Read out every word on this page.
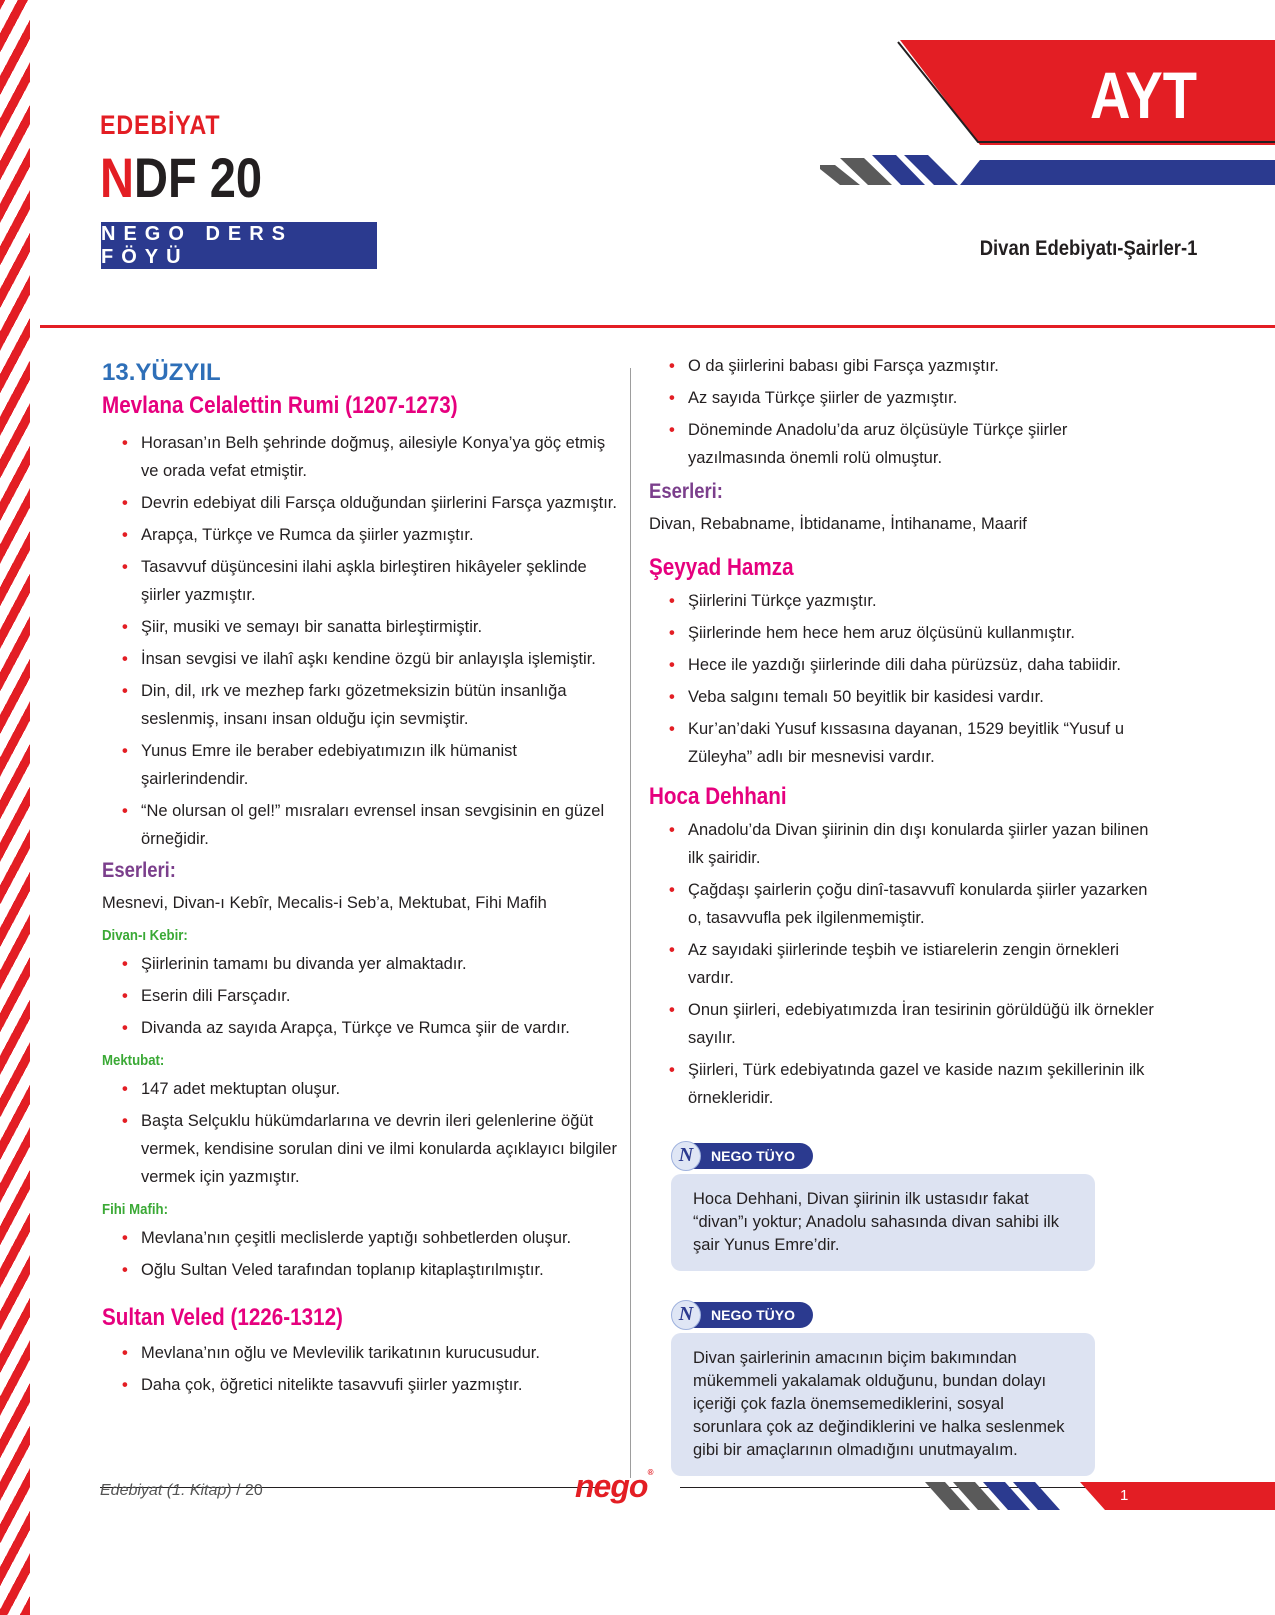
EDEBİYAT
NDF 20
NEGO DERS FÖYÜ
AYT
Divan Edebiyatı-Şairler-1
13.YÜZYIL
Mevlana Celalettin Rumi (1207-1273)
• Horasan’ın Belh şehrinde doğmuş, ailesiyle Konya’ya göç etmiş ve orada vefat etmiştir.
• Devrin edebiyat dili Farsça olduğundan şiirlerini Farsça yazmıştır.
• Arapça, Türkçe ve Rumca da şiirler yazmıştır.
• Tasavvuf düşüncesini ilahi aşkla birleştiren hikâyeler şeklinde şiirler yazmıştır.
• Şiir, musiki ve semayı bir sanatta birleştirmiştir.
• İnsan sevgisi ve ilahî aşkı kendine özgü bir anlayışla işlemiştir.
• Din, dil, ırk ve mezhep farkı gözetmeksizin bütün insanlığa seslenmiş, insanı insan olduğu için sevmiştir.
• Yunus Emre ile beraber edebiyatımızın ilk hümanist şairlerindendir.
• “Ne olursan ol gel!” mısraları evrensel insan sevgisinin en güzel örneğidir.
Eserleri:
Mesnevi, Divan-ı Kebîr, Mecalis-i Seb’a, Mektubat, Fihi Mafih
Divan-ı Kebir:
• Şiirlerinin tamamı bu divanda yer almaktadır.
• Eserin dili Farsçadır.
• Divanda az sayıda Arapça, Türkçe ve Rumca şiir de vardır.
Mektubat:
• 147 adet mektuptan oluşur.
• Başta Selçuklu hükümdarlarına ve devrin ileri gelenlerine öğüt vermek, kendisine sorulan dini ve ilmi konularda açıklayıcı bilgiler vermek için yazmıştır.
Fihi Mafih:
• Mevlana’nın çeşitli meclislerde yaptığı sohbetlerden oluşur.
• Oğlu Sultan Veled tarafından toplanıp kitaplaştırılmıştır.
Sultan Veled (1226-1312)
• Mevlana’nın oğlu ve Mevlevilik tarikatının kurucusudur.
• Daha çok, öğretici nitelikte tasavvufi şiirler yazmıştır.
• O da şiirlerini babası gibi Farsça yazmıştır.
• Az sayıda Türkçe şiirler de yazmıştır.
• Döneminde Anadolu’da aruz ölçüsüyle Türkçe şiirler yazılmasında önemli rolü olmuştur.
Eserleri:
Divan, Rebabname, İbtidaname, İntihaname, Maarif
Şeyyad Hamza
• Şiirlerini Türkçe yazmıştır.
• Şiirlerinde hem hece hem aruz ölçüsünü kullanmıştır.
• Hece ile yazdığı şiirlerinde dili daha pürüzsüz, daha tabiidir.
• Veba salgını temalı 50 beyitlik bir kasidesi vardır.
• Kur’an’daki Yusuf kıssasına dayanan, 1529 beyitlik “Yusuf u Züleyha” adlı bir mesnevisi vardır.
Hoca Dehhani
• Anadolu’da Divan şiirinin din dışı konularda şiirler yazan bilinen ilk şairidir.
• Çağdaşı şairlerin çoğu dinî-tasavvufî konularda şiirler yazarken o, tasavvufla pek ilgilenmemiştir.
• Az sayıdaki şiirlerinde teşbih ve istiarelerin zengin örnekleri vardır.
• Onun şiirleri, edebiyatımızda İran tesirinin görüldüğü ilk örnekler sayılır.
• Şiirleri, Türk edebiyatında gazel ve kaside nazım şekillerinin ilk örnekleridir.
N	NEGO TÜYO
Hoca Dehhani, Divan şiirinin ilk ustasıdır fakat “divan”ı yoktur; Anadolu sahasında divan sahibi ilk şair Yunus Emre’dir.
N	NEGO TÜYO
Divan şairlerinin amacının biçim bakımından mükemmeli yakalamak olduğunu, bundan dolayı içeriği çok fazla önemsemediklerini, sosyal sorunlara çok az değindiklerini ve halka seslenmek gibi bir amaçlarının olmadığını unutmayalım.
Edebiyat (1. Kitap) / 20	nego®
1
